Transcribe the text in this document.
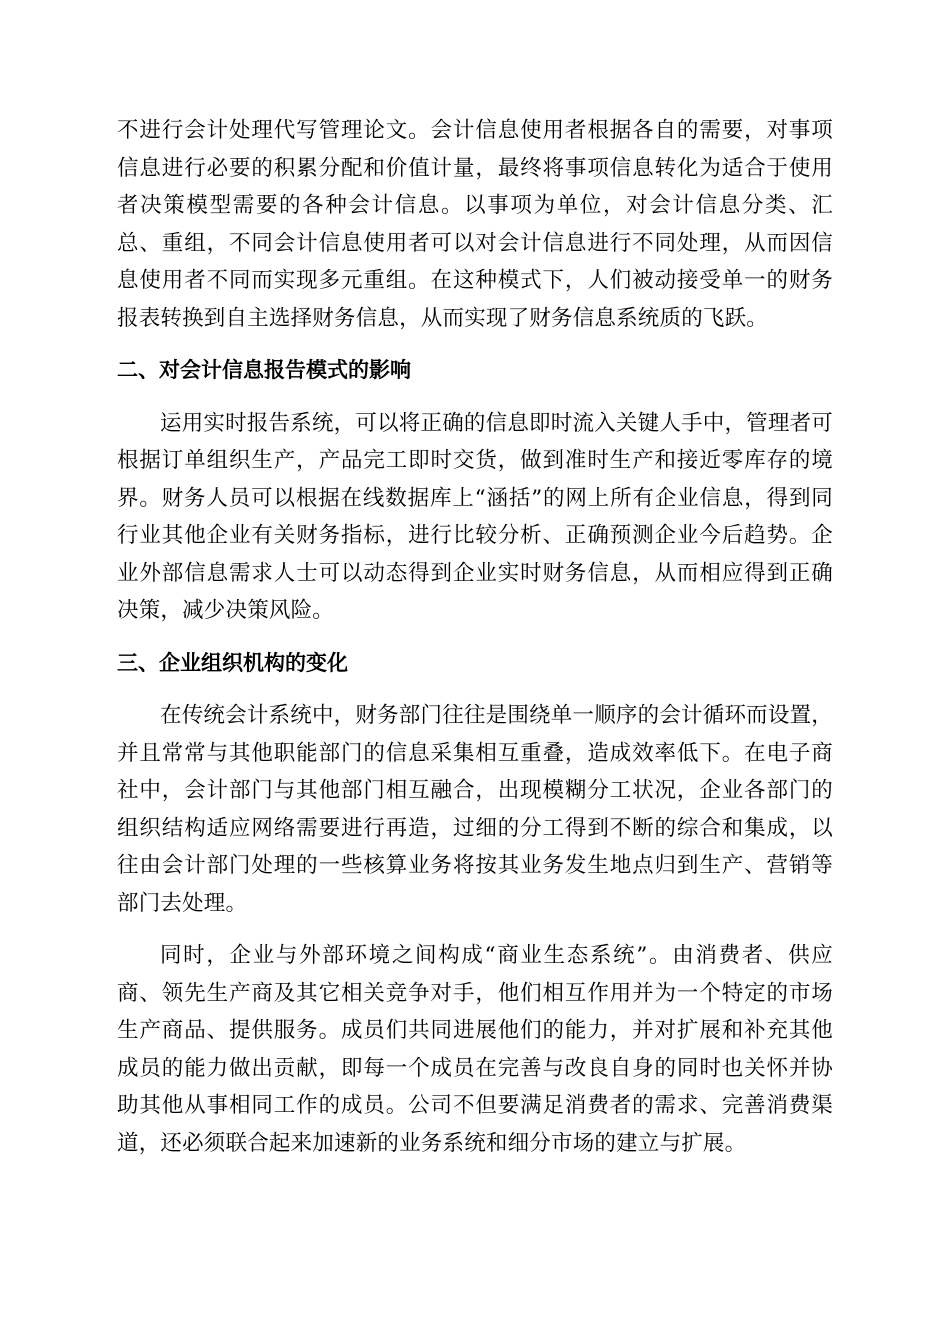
不进行会计处理代写管理论文。会计信息使用者根据各自的需要，对事项信息进行必要的积累分配和价值计量，最终将事项信息转化为适合于使用者决策模型需要的各种会计信息。以事项为单位，对会计信息分类、汇总、重组，不同会计信息使用者可以对会计信息进行不同处理，从而因信息使用者不同而实现多元重组。在这种模式下，人们被动接受单一的财务报表转换到自主选择财务信息，从而实现了财务信息系统质的飞跃。

二、对会计信息报告模式的影响

运用实时报告系统，可以将正确的信息即时流入关键人手中，管理者可根据订单组织生产，产品完工即时交货，做到准时生产和接近零库存的境界。财务人员可以根据在线数据库上“涵括”的网上所有企业信息，得到同行业其他企业有关财务指标，进行比较分析、正确预测企业今后趋势。企业外部信息需求人士可以动态得到企业实时财务信息，从而相应得到正确决策，减少决策风险。

三、企业组织机构的变化

在传统会计系统中，财务部门往往是围绕单一顺序的会计循环而设置，并且常常与其他职能部门的信息采集相互重叠，造成效率低下。在电子商社中，会计部门与其他部门相互融合，出现模糊分工状况，企业各部门的组织结构适应网络需要进行再造，过细的分工得到不断的综合和集成，以往由会计部门处理的一些核算业务将按其业务发生地点归到生产、营销等部门去处理。

同时，企业与外部环境之间构成“商业生态系统”。由消费者、供应商、领先生产商及其它相关竞争对手，他们相互作用并为一个特定的市场生产商品、提供服务。成员们共同进展他们的能力，并对扩展和补充其他成员的能力做出贡献，即每一个成员在完善与改良自身的同时也关怀并协助其他从事相同工作的成员。公司不但要满足消费者的需求、完善消费渠道，还必须联合起来加速新的业务系统和细分市场的建立与扩展。
